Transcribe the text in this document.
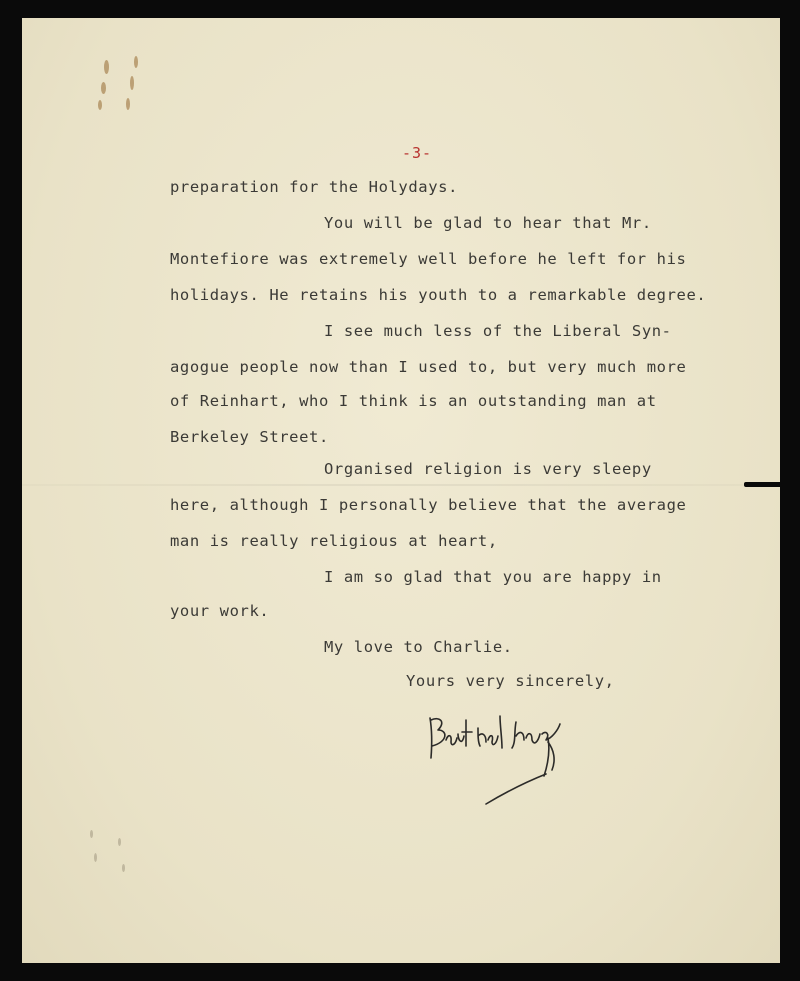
-3-

preparation for the Holydays.

You will be glad to hear that Mr.

Montefiore was extremely well before he left for his

holidays. He retains his youth to a remarkable degree.

I see much less of the Liberal Syn-

agogue people now than I used to, but very much more

of Reinhart, who I think is an outstanding man at

Berkeley Street.

Organised religion is very sleepy

here, although I personally believe that the average

man is really religious at heart,

I am so glad that you are happy in

your work.

My love to Charlie.

Yours very sincerely,
